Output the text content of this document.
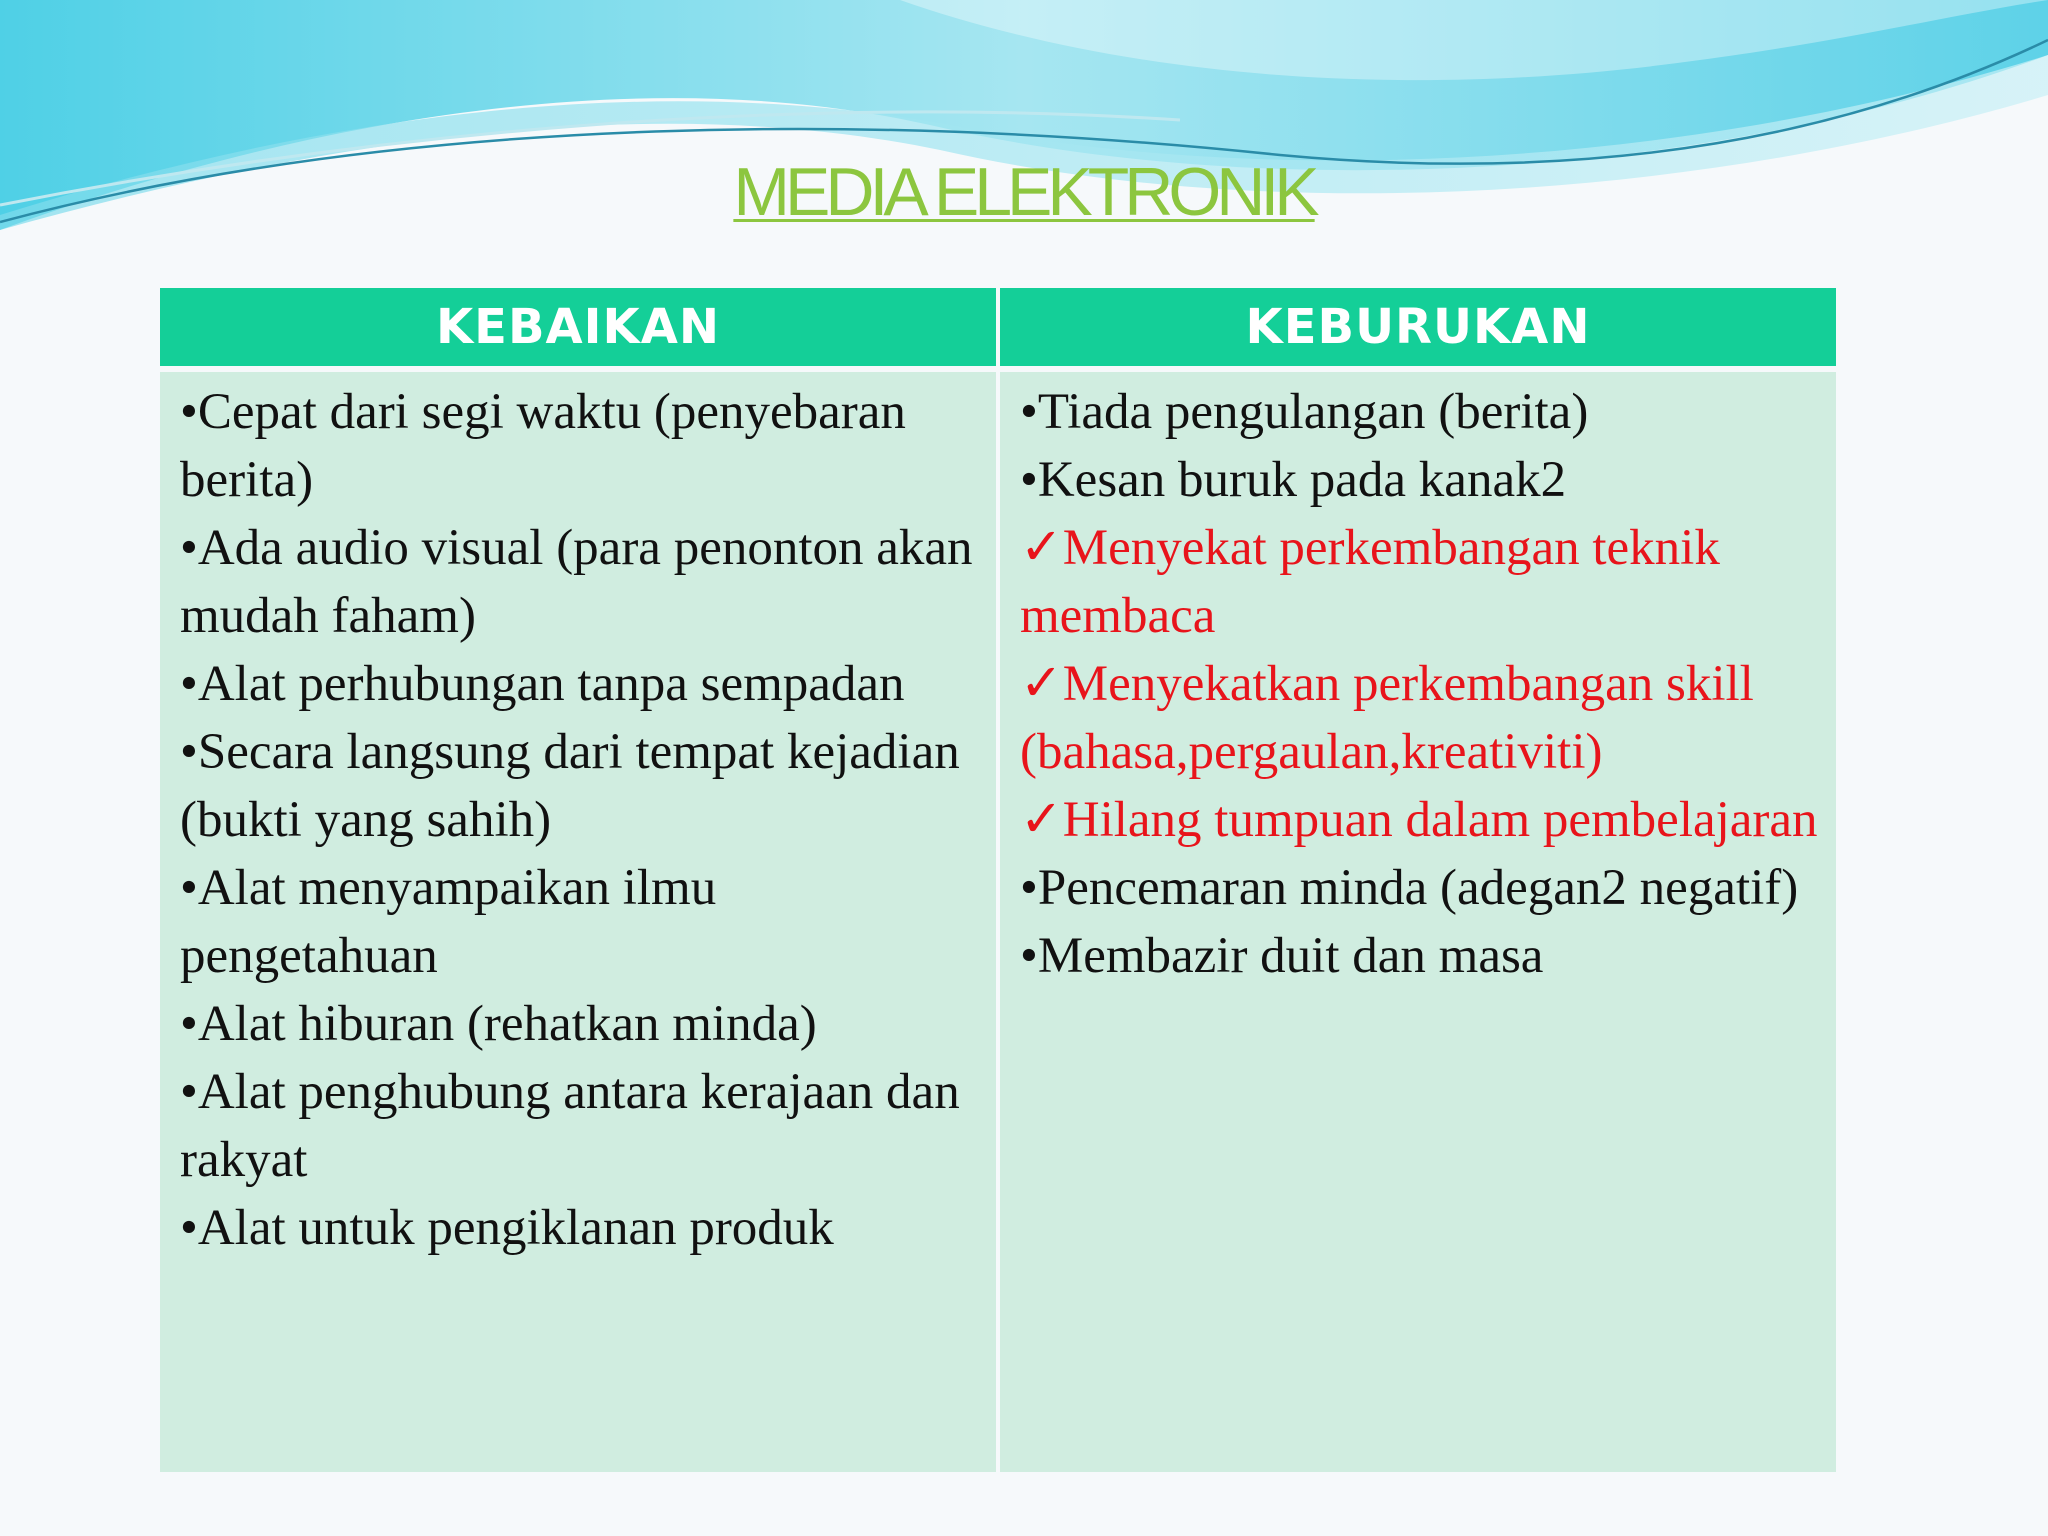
MEDIA ELEKTRONIK
KEBAIKAN	KEBURUKAN
•Cepat dari segi waktu (penyebaran berita)
•Ada audio visual (para penonton akan mudah faham)
•Alat perhubungan tanpa sempadan
•Secara langsung dari tempat kejadian (bukti yang sahih)
•Alat menyampaikan ilmu pengetahuan
•Alat hiburan (rehatkan minda)
•Alat penghubung antara kerajaan dan rakyat
•Alat untuk pengiklanan produk
•Tiada pengulangan (berita)
•Kesan buruk pada kanak2
✓Menyekat perkembangan teknik membaca
✓Menyekatkan perkembangan skill (bahasa,pergaulan,kreativiti)
✓Hilang tumpuan dalam pembelajaran
•Pencemaran minda (adegan2 negatif)
•Membazir duit dan masa
